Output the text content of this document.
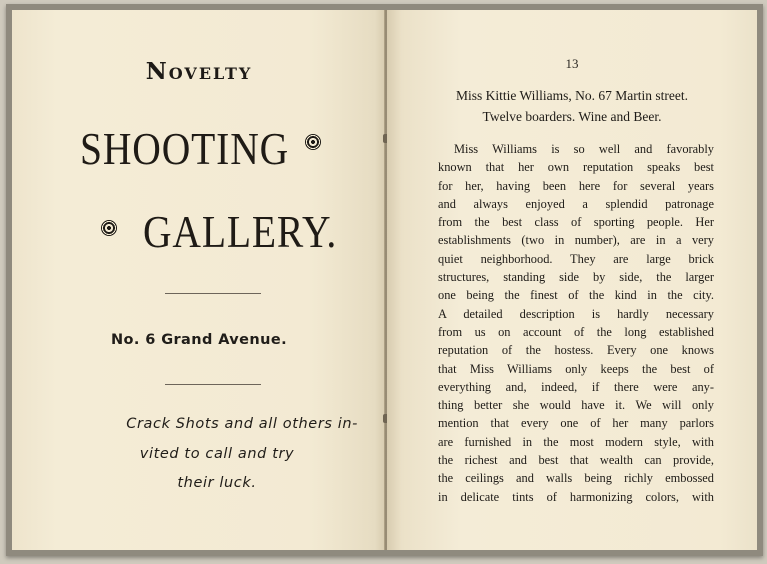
Novelty
SHOOTING
GALLERY.
No. 6 Grand Avenue.
Crack Shots and all others in-
vited to call and try
their luck.
13
Miss Kittie Williams, No. 67 Martin street.
Twelve boarders. Wine and Beer.
Miss Williams is so well and favorably
known that her own reputation speaks best
for her, having been here for several years
and always enjoyed a splendid patronage
from the best class of sporting people. Her
establishments (two in number), are in a very
quiet neighborhood. They are large brick
structures, standing side by side, the larger
one being the finest of the kind in the city.
A detailed description is hardly necessary
from us on account of the long established
reputation of the hostess. Every one knows
that Miss Williams only keeps the best of
everything and, indeed, if there were any-
thing better she would have it. We will only
mention that every one of her many parlors
are furnished in the most modern style, with
the richest and best that wealth can provide,
the ceilings and walls being richly embossed
in delicate tints of harmonizing colors, with
